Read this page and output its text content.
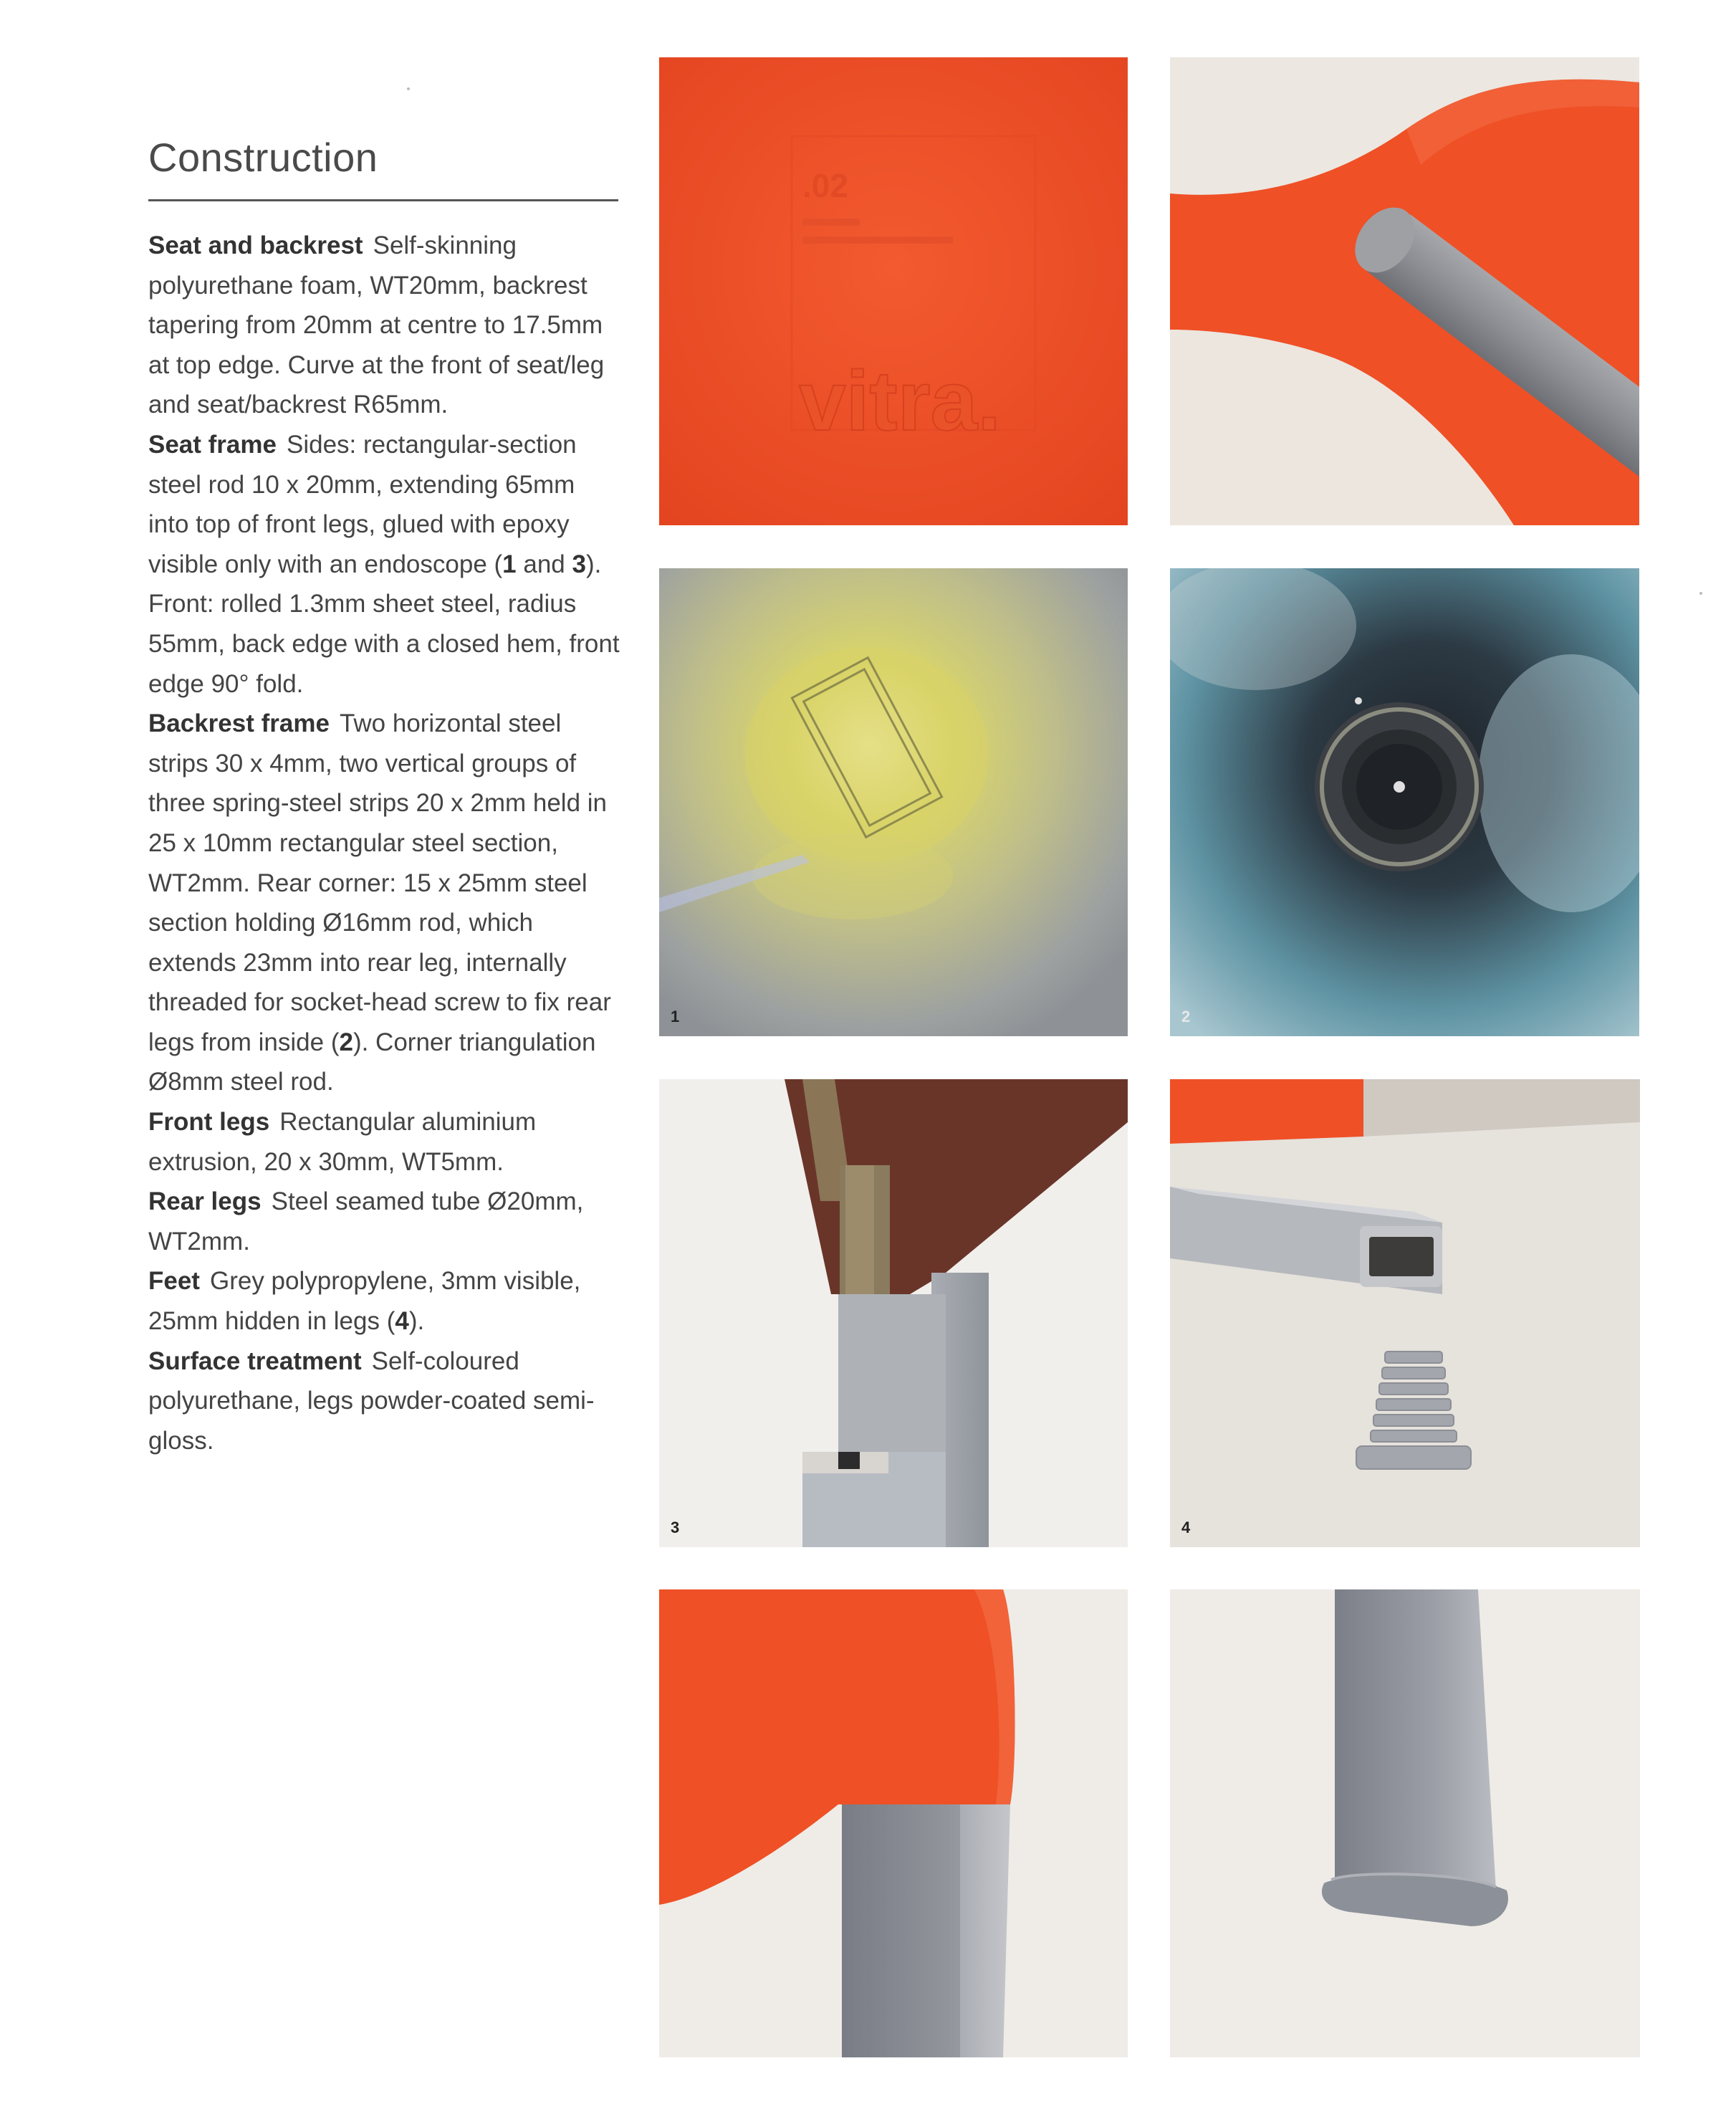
Construction

Seat and backrest Self-skinning polyurethane foam, WT20mm, backrest tapering from 20mm at centre to 17.5mm at top edge. Curve at the front of seat/leg and seat/backrest R65mm.

Seat frame Sides: rectangular-section steel rod 10 x 20mm, extending 65mm into top of front legs, glued with epoxy visible only with an endoscope (1 and 3). Front: rolled 1.3mm sheet steel, radius 55mm, back edge with a closed hem, front edge 90° fold.

Backrest frame Two horizontal steel strips 30 x 4mm, two vertical groups of three spring-steel strips 20 x 2mm held in 25 x 10mm rectangular steel section, WT2mm. Rear corner: 15 x 25mm steel section holding Ø16mm rod, which extends 23mm into rear leg, internally threaded for socket-head screw to fix rear legs from inside (2). Corner triangulation Ø8mm steel rod.

Front legs Rectangular aluminium extrusion, 20 x 30mm, WT5mm.

Rear legs Steel seamed tube Ø20mm, WT2mm.

Feet Grey polypropylene, 3mm visible, 25mm hidden in legs (4).

Surface treatment Self-coloured polyurethane, legs powder-coated semi-gloss.

.02
vitra.
1	2
3	4
